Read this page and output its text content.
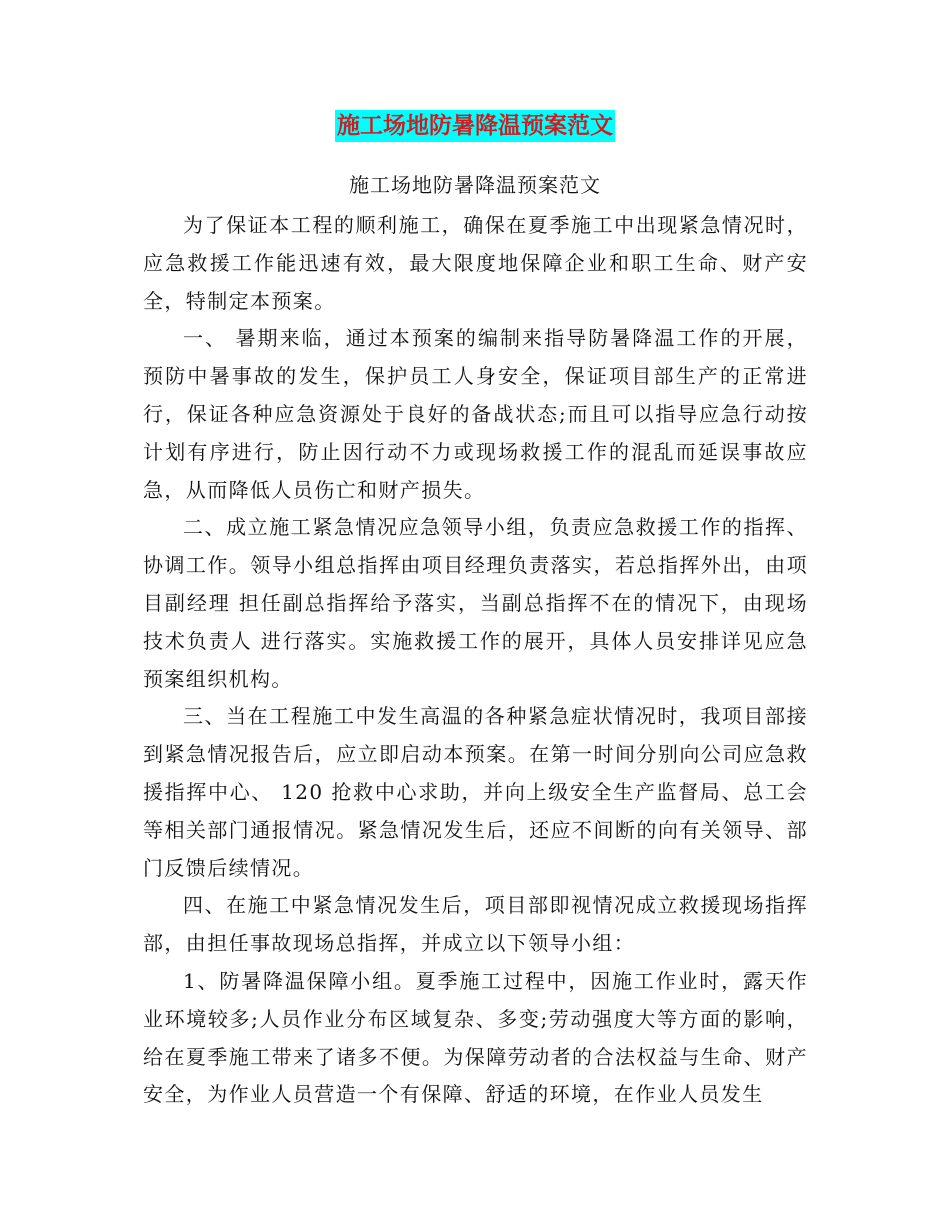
施工场地防暑降温预案范文
施工场地防暑降温预案范文

为了保证本工程的顺利施工，确保在夏季施工中出现紧急情况时，应急救援工作能迅速有效，最大限度地保障企业和职工生命、财产安全，特制定本预案。

一、 暑期来临，通过本预案的编制来指导防暑降温工作的开展，预防中暑事故的发生，保护员工人身安全，保证项目部生产的正常进行，保证各种应急资源处于良好的备战状态;而且可以指导应急行动按计划有序进行，防止因行动不力或现场救援工作的混乱而延误事故应急，从而降低人员伤亡和财产损失。

二、成立施工紧急情况应急领导小组，负责应急救援工作的指挥、协调工作。领导小组总指挥由项目经理负责落实，若总指挥外出，由项目副经理 担任副总指挥给予落实，当副总指挥不在的情况下，由现场技术负责人 进行落实。实施救援工作的展开，具体人员安排详见应急预案组织机构。

三、当在工程施工中发生高温的各种紧急症状情况时，我项目部接到紧急情况报告后，应立即启动本预案。在第一时间分别向公司应急救援指挥中心、 120 抢救中心求助，并向上级安全生产监督局、总工会等相关部门通报情况。紧急情况发生后，还应不间断的向有关领导、部门反馈后续情况。

四、在施工中紧急情况发生后，项目部即视情况成立救援现场指挥部，由担任事故现场总指挥，并成立以下领导小组：

1、防暑降温保障小组。夏季施工过程中，因施工作业时，露天作业环境较多;人员作业分布区域复杂、多变;劳动强度大等方面的影响，给在夏季施工带来了诸多不便。为保障劳动者的合法权益与生命、财产安全，为作业人员营造一个有保障、舒适的环境，在作业人员发生
